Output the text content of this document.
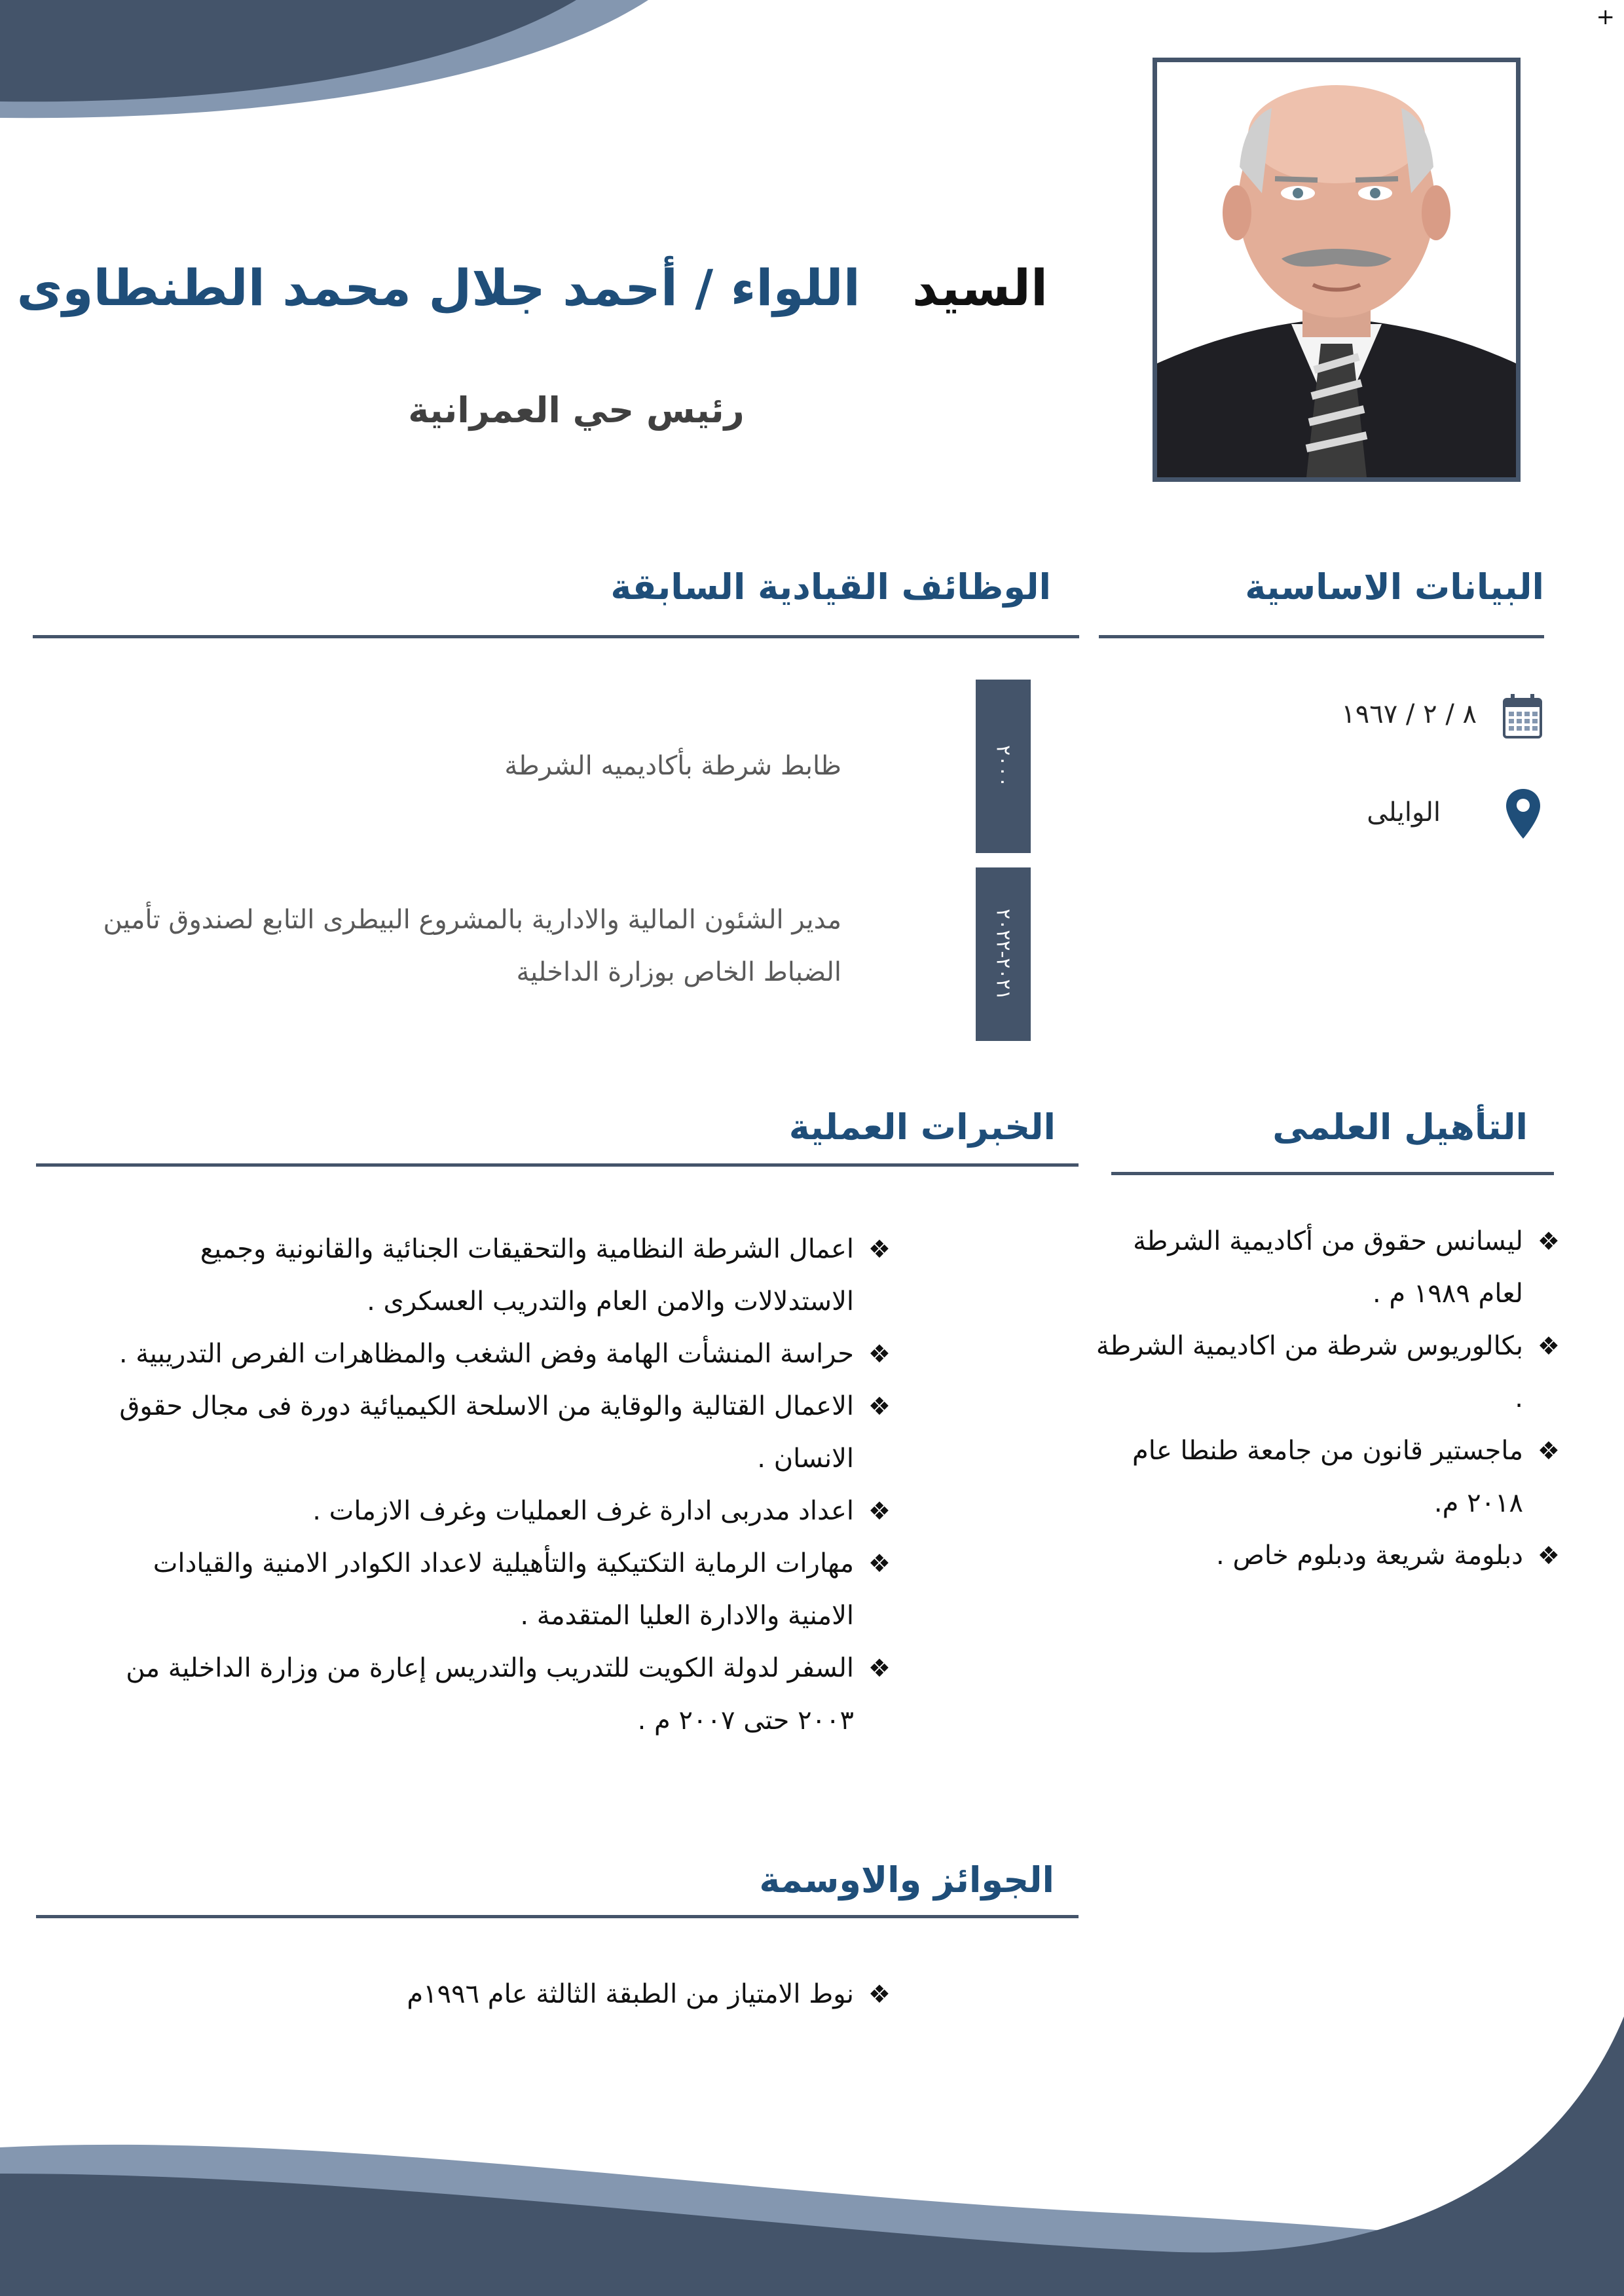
+
السيد   اللواء / أحمد جلال محمد الطنطاوى
رئيس حي العمرانية
البيانات الاساسية
٨ / ٢ / ١٩٦٧
الوايلى
الوظائف القيادية السابقة
٢٠٠٠
ظابط شرطة بأكاديميه الشرطة
٢٠٢١-٢٠٢٢
مدير الشئون المالية والادارية بالمشروع البيطرى التابع لصندوق تأمين الضباط الخاص بوزارة الداخلية
التأهيل العلمى
❖
ليسانس حقوق من أكاديمية الشرطة لعام ١٩٨٩ م .
❖
بكالوريوس شرطة من اكاديمية الشرطة .
❖
ماجستير قانون من جامعة طنطا عام ٢٠١٨ م.
❖
دبلومة شريعة ودبلوم خاص .
الخبرات العملية
❖
اعمال الشرطة النظامية والتحقيقات الجنائية والقانونية وجميع الاستدلالات والامن العام والتدريب العسكرى .
❖
حراسة المنشأت الهامة وفض الشغب والمظاهرات الفرص التدريبية .
❖
الاعمال القتالية والوقاية من الاسلحة الكيميائية دورة فى مجال حقوق الانسان .
❖
اعداد مدربى ادارة غرف العمليات وغرف الازمات .
❖
مهارات الرماية التكتيكية والتأهيلية لاعداد الكوادر الامنية والقيادات الامنية والادارة العليا المتقدمة .
❖
السفر لدولة الكويت للتدريب والتدريس إعارة من وزارة الداخلية من ٢٠٠٣ حتى ٢٠٠٧ م .
الجوائز والاوسمة
❖
نوط الامتياز من الطبقة الثالثة عام ١٩٩٦م
